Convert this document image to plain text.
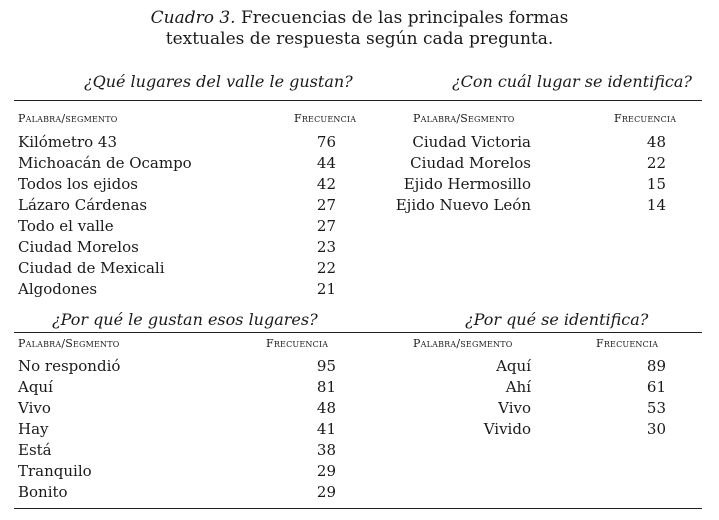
Cuadro 3. Frecuencias de las principales formas
textuales de respuesta según cada pregunta.
¿Qué lugares del valle le gustan?
Palabra/segmento	Frecuencia
Kilómetro 43	76
Michoacán de Ocampo	44
Todos los ejidos	42
Lázaro Cárdenas	27
Todo el valle	27
Ciudad Morelos	23
Ciudad de Mexicali	22
Algodones	21
¿Con cuál lugar se identifica?
Palabra/Segmento	Frecuencia
Ciudad Victoria	48
Ciudad Morelos	22
Ejido Hermosillo	15
Ejido Nuevo León	14
¿Por qué le gustan esos lugares?
Palabra/Segmento	Frecuencia
No respondió	95
Aquí	81
Vivo	48
Hay	41
Está	38
Tranquilo	29
Bonito	29
¿Por qué se identifica?
Palabra/segmento	Frecuencia
Aquí	89
Ahí	61
Vivo	53
Vivido	30
